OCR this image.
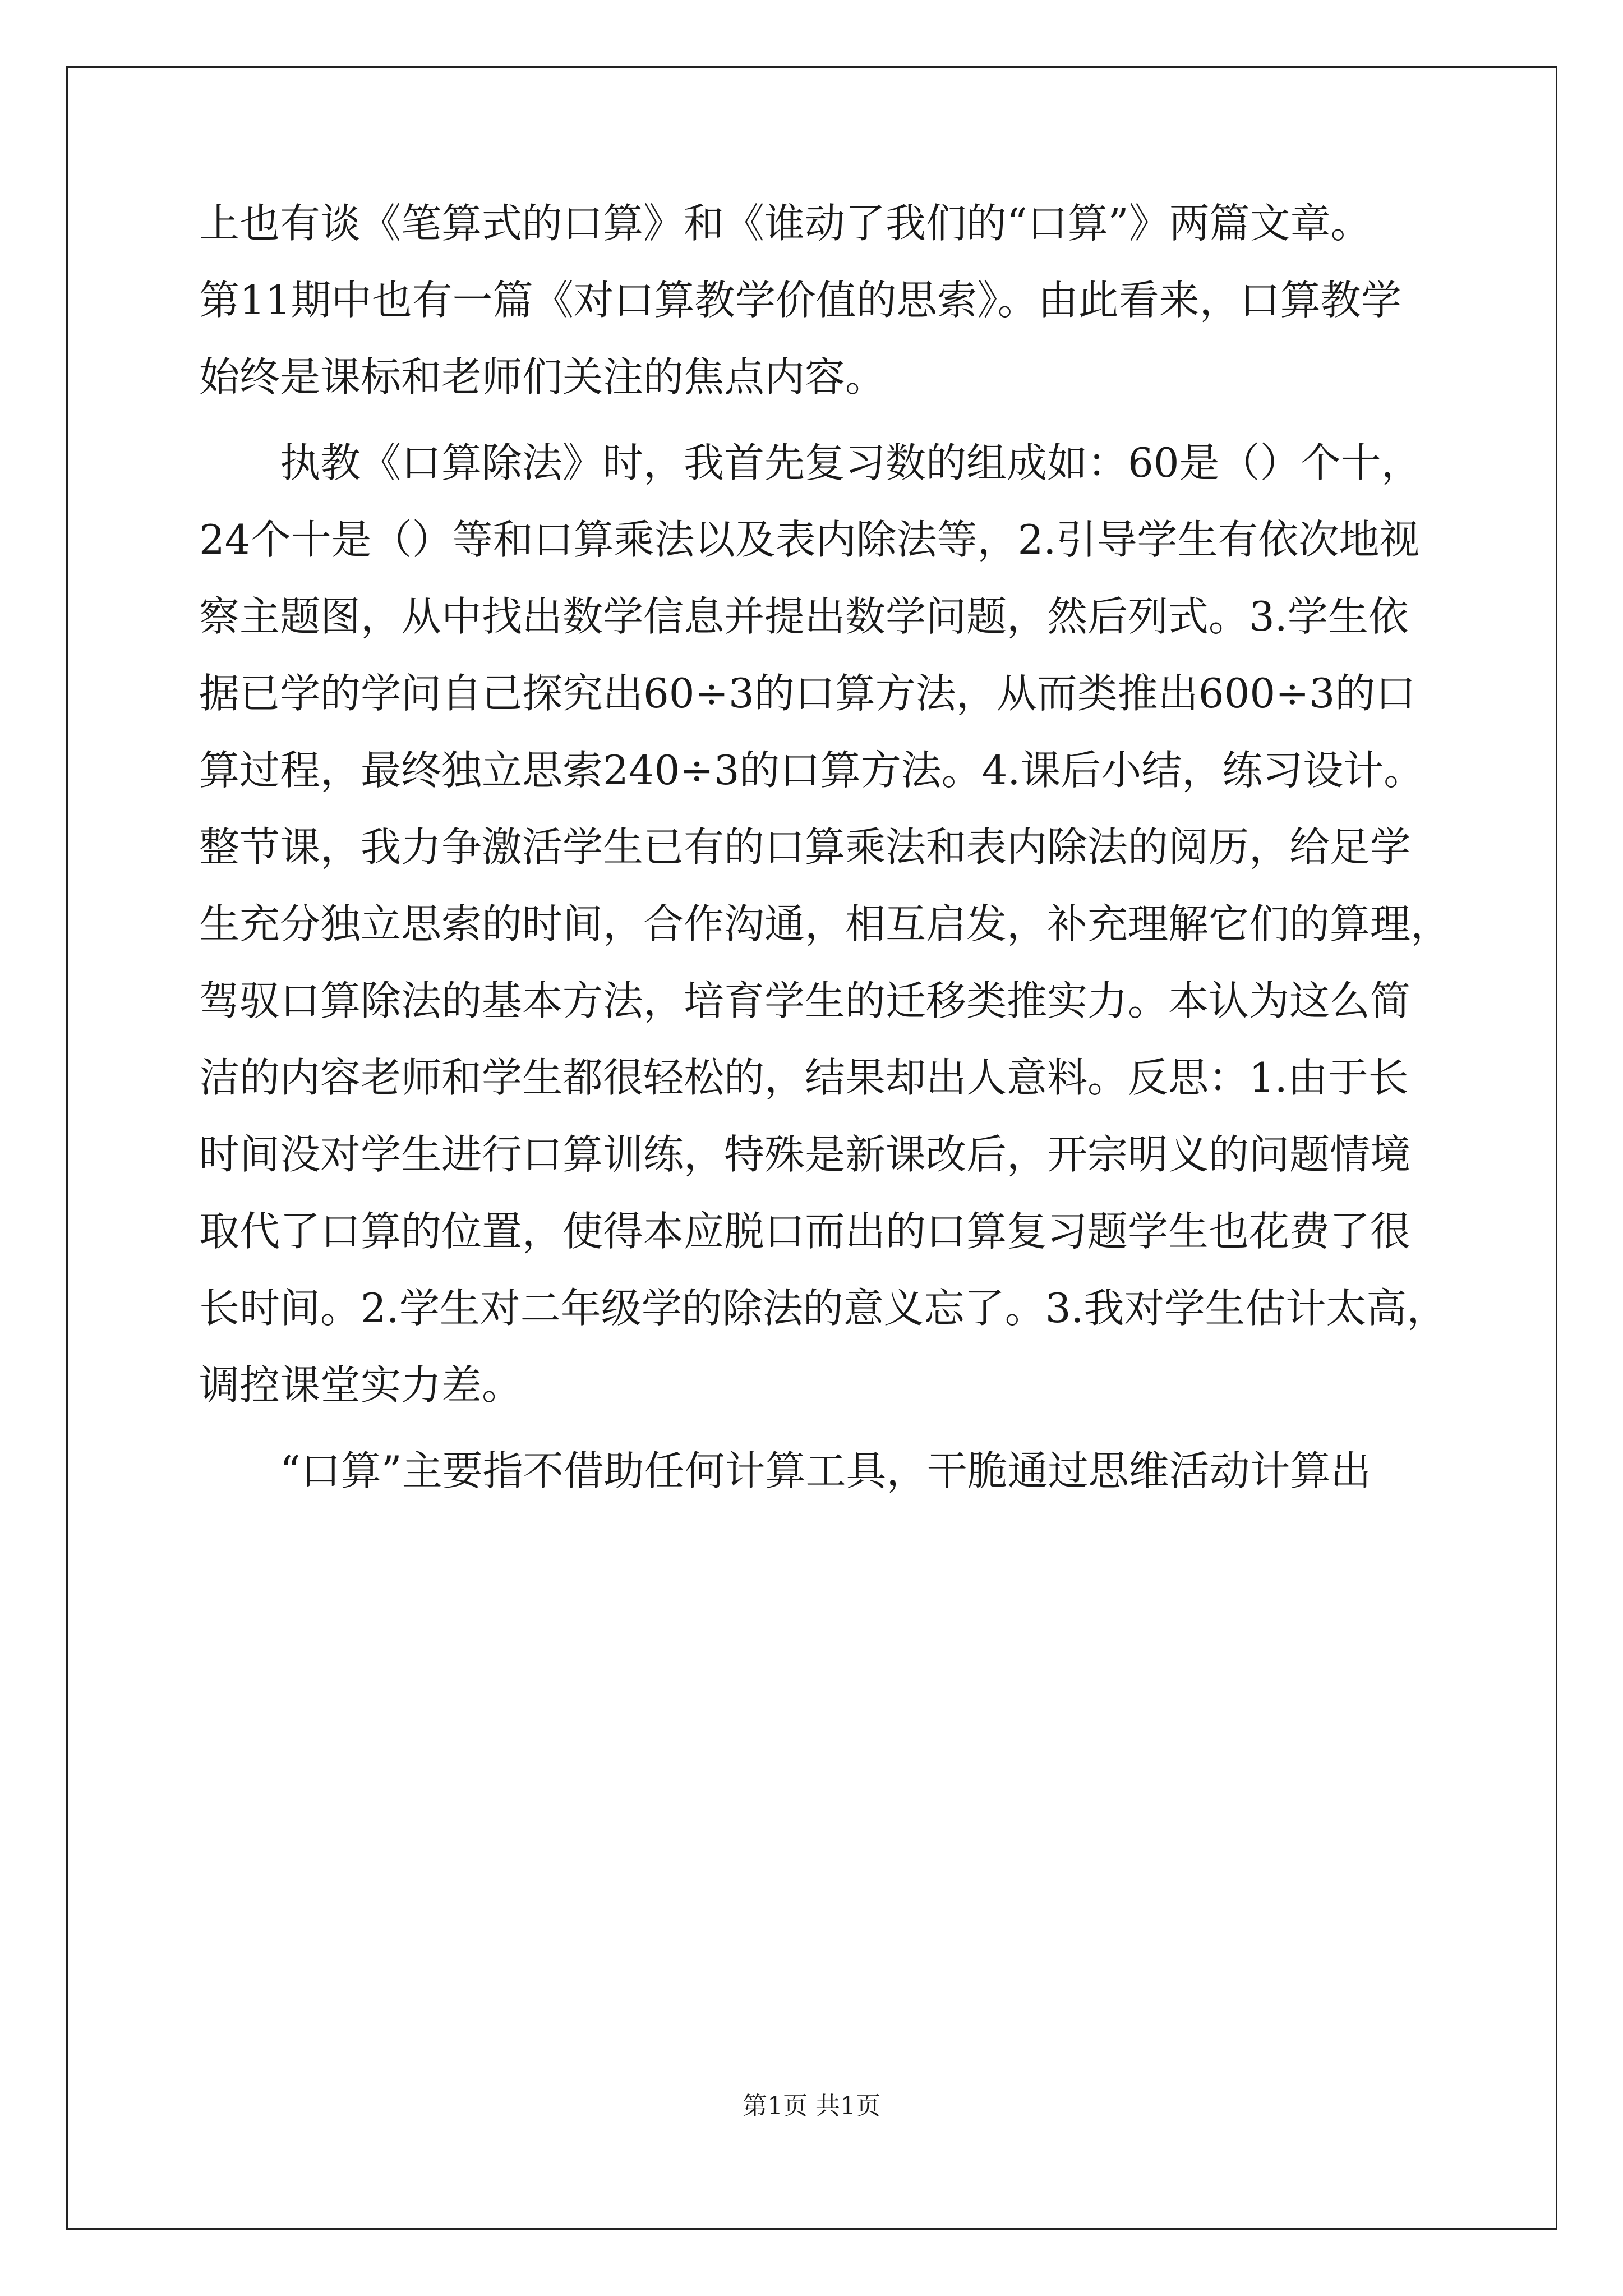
上也有谈《笔算式的口算》和《谁动了我们的“口算”》两篇文章。
第11期中也有一篇《对口算教学价值的思索》。由此看来，口算教学
始终是课标和老师们关注的焦点内容。
执教《口算除法》时，我首先复习数的组成如：60是（）个十，
24个十是（）等和口算乘法以及表内除法等，2.引导学生有依次地视
察主题图，从中找出数学信息并提出数学问题，然后列式。3.学生依
据已学的学问自己探究出60÷3的口算方法，从而类推出600÷3的口
算过程，最终独立思索240÷3的口算方法。4.课后小结，练习设计。
整节课，我力争激活学生已有的口算乘法和表内除法的阅历，给足学
生充分独立思索的时间，合作沟通，相互启发，补充理解它们的算理，
驾驭口算除法的基本方法，培育学生的迁移类推实力。本认为这么简
洁的内容老师和学生都很轻松的，结果却出人意料。反思：1.由于长
时间没对学生进行口算训练，特殊是新课改后，开宗明义的问题情境
取代了口算的位置，使得本应脱口而出的口算复习题学生也花费了很
长时间。2.学生对二年级学的除法的意义忘了。3.我对学生估计太高，
调控课堂实力差。
“口算”主要指不借助任何计算工具，干脆通过思维活动计算出
第1页 共1页
